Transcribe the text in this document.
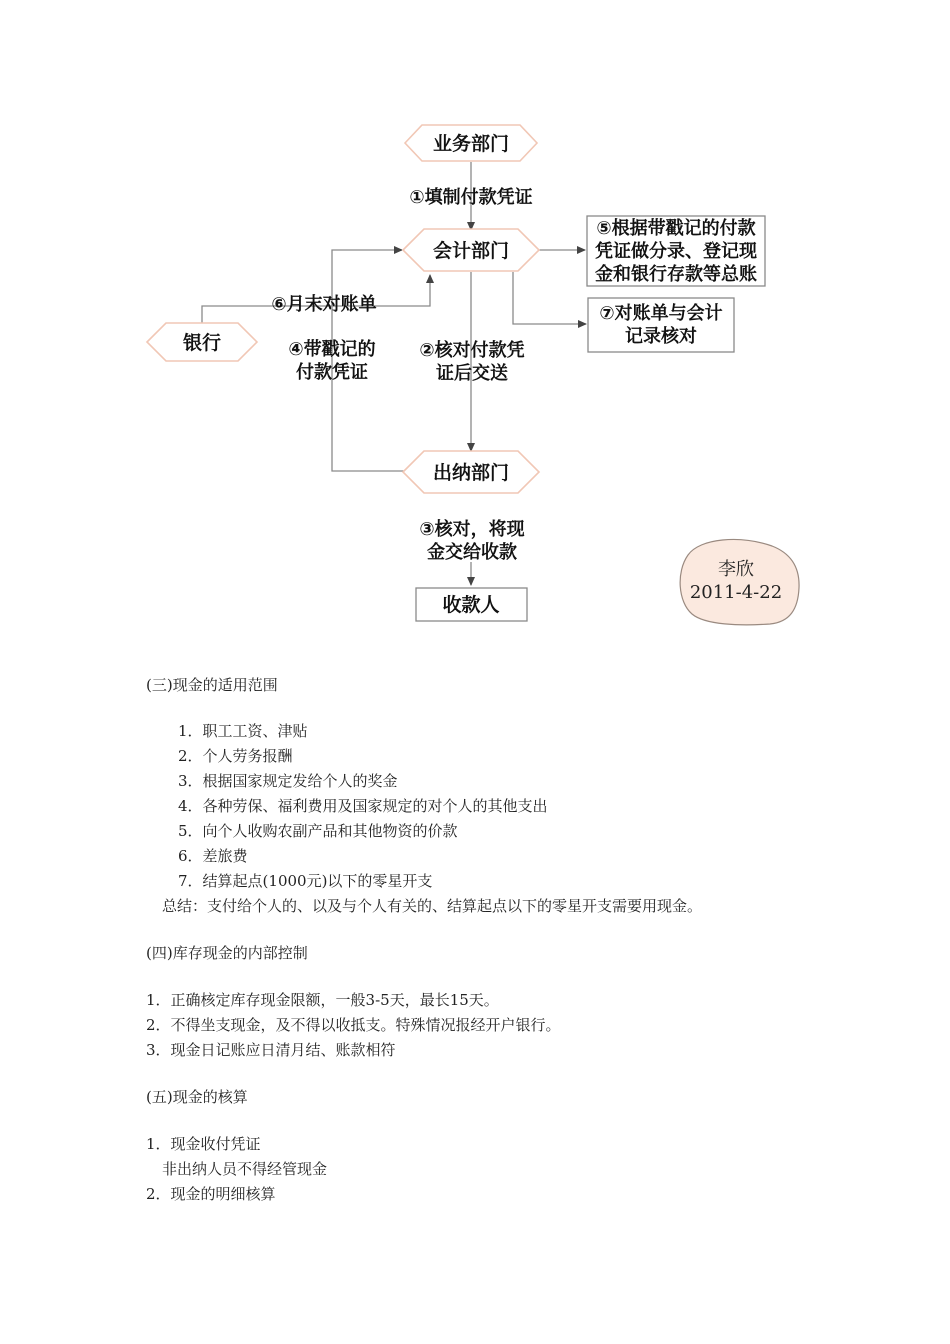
业务部门
会计部门
银行
出纳部门
收款人
⑤根据带戳记的付款
凭证做分录、登记现
金和银行存款等总账
⑦对账单与会计
记录核对
①填制付款凭证
⑥月末对账单
④带戳记的
付款凭证
②核对付款凭
证后交送
③核对，将现
金交给收款
李欣
2011-4-22
(三)现金的适用范围
1．职工工资、津贴
2．个人劳务报酬
3．根据国家规定发给个人的奖金
4．各种劳保、福利费用及国家规定的对个人的其他支出
5．向个人收购农副产品和其他物资的价款
6．差旅费
7．结算起点(1000元)以下的零星开支
总结：支付给个人的、以及与个人有关的、结算起点以下的零星开支需要用现金。
(四)库存现金的内部控制
1．正确核定库存现金限额，一般3-5天，最长15天。
2．不得坐支现金，及不得以收抵支。特殊情况报经开户银行。
3．现金日记账应日清月结、账款相符
(五)现金的核算
1．现金收付凭证
非出纳人员不得经管现金
2．现金的明细核算
